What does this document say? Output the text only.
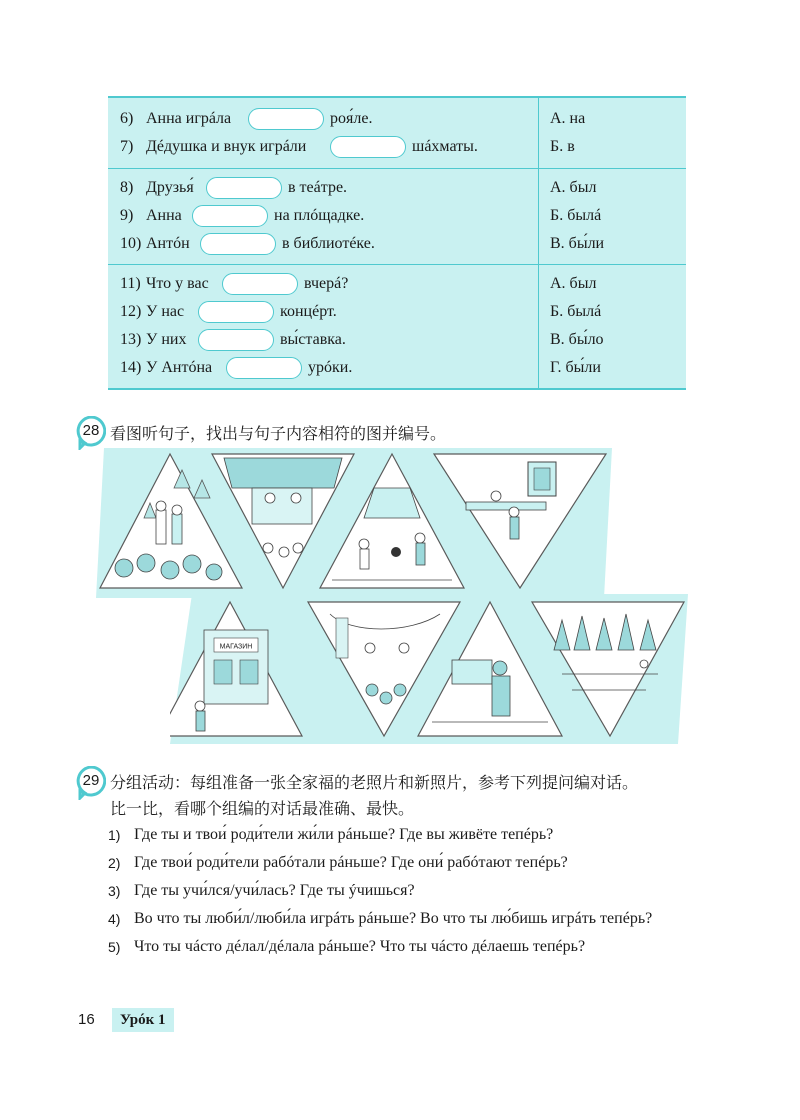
6) Анна игрáла	рoя́ле.	А. на
7) Дéдушка и внук игрáли	шáхматы.	Б. в
8) Друзья́	в теáтре.	А. был
9) Анна	на плóщадке.	Б. былá
10) Антóн	в библиотéке.	В. бы́ли
11) Что у вас	вчерá?	А. был
12) У нас	концéрт.	Б. былá
13) У них	вы́ставка.	В. бы́ло
14) У Антóна	урóки.	Г. бы́ли
28 看图听句子，找出与句子内容相符的图并编号。
МАГАЗИН
29 分组活动：每组准备一张全家福的老照片和新照片，参考下列提问编对话。
比一比，看哪个组编的对话最准确、最快。
1) Где ты и твои́ роди́тели жи́ли рáньше? Где вы живёте тепéрь?
2) Где твои́ роди́тели рабóтали рáньше? Где они́ рабóтают тепéрь?
3) Где ты учи́лся/учи́лась? Где ты ýчишься?
4) Во что ты люби́л/люби́ла игрáть рáньше? Во что ты лю́бишь игрáть тепéрь?
5) Что ты чáсто дéлал/дéлала рáньше? Что ты чáсто дéлаешь тепéрь?
16	Урóк 1
